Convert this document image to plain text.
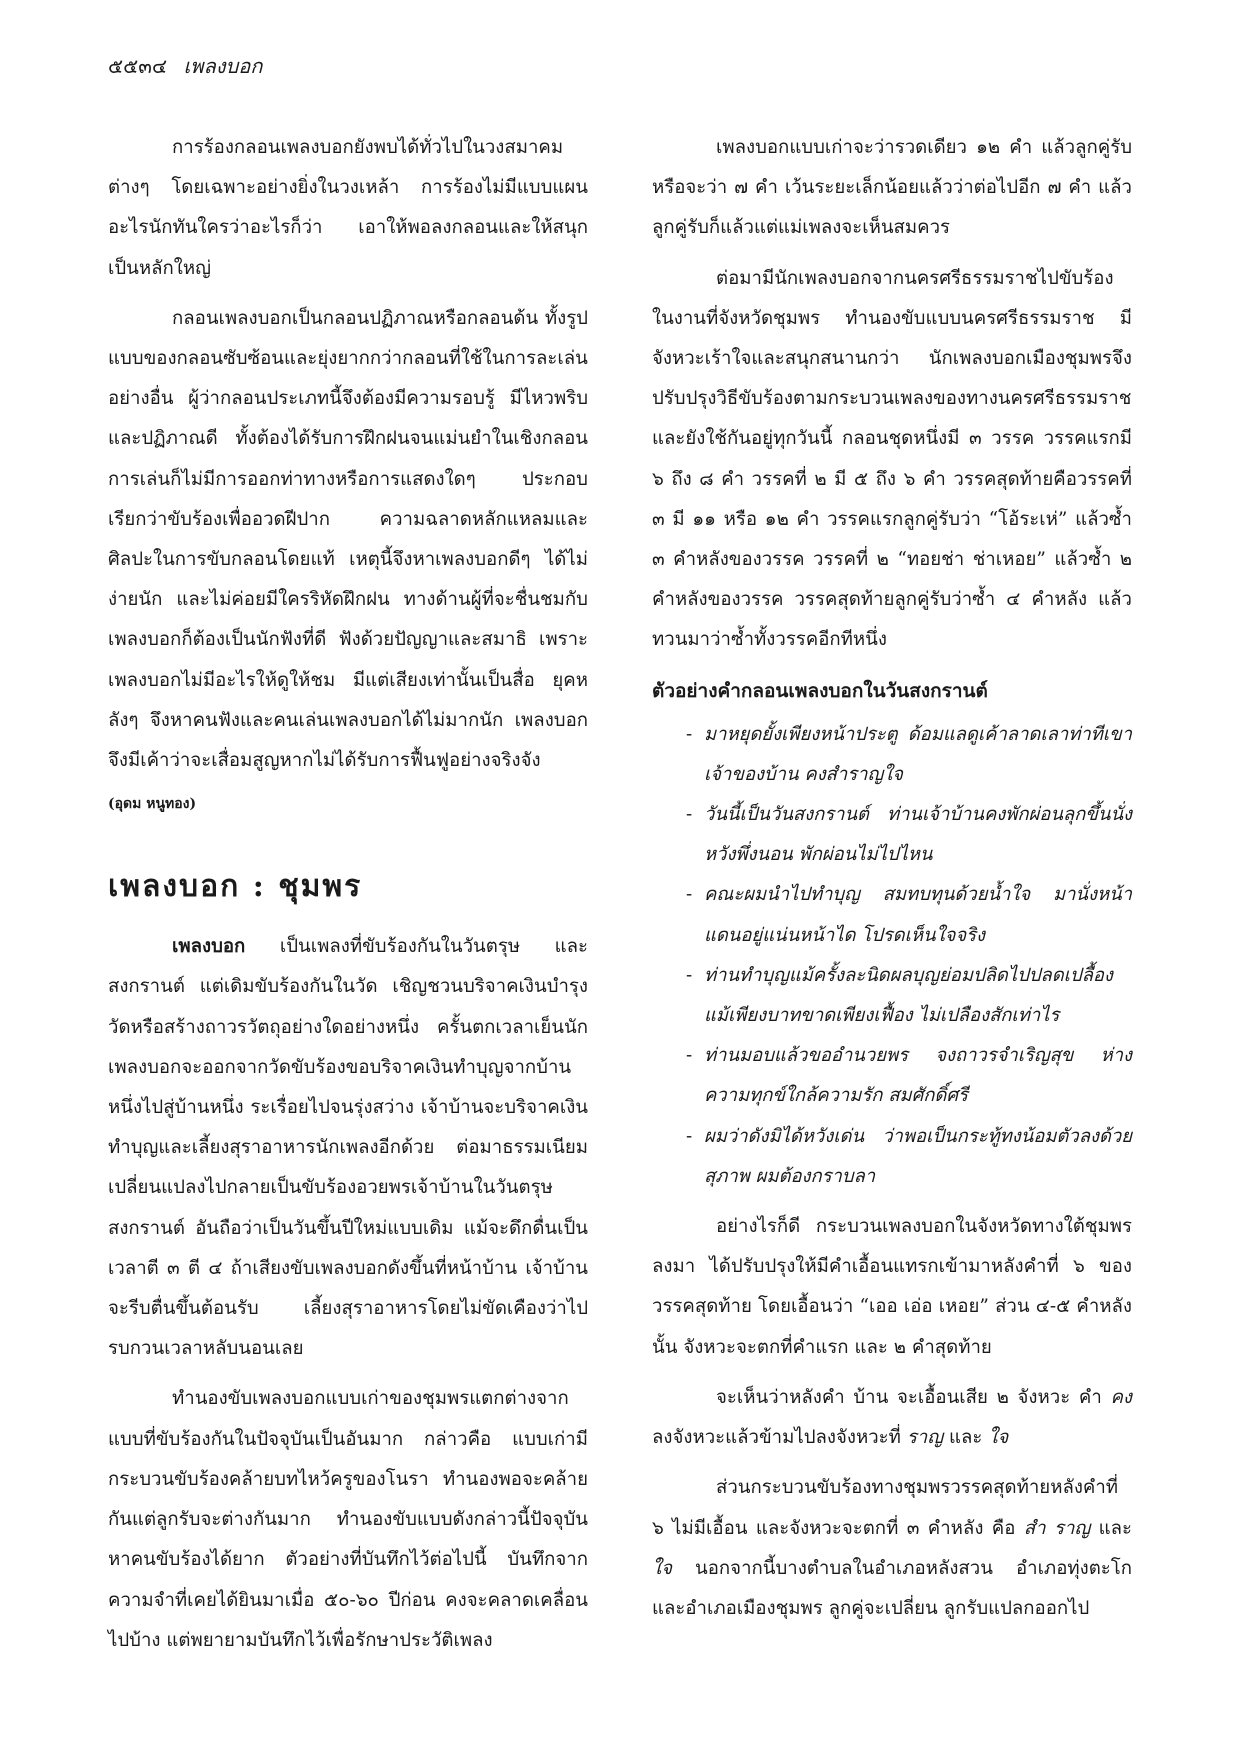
๕๕๓๔ เพลงบอก

การร้องกลอนเพลงบอกยังพบได้ทั่วไปในวงสมาคมต่างๆ โดยเฉพาะอย่างยิ่งในวงเหล้า การร้องไม่มีแบบแผน อะไรนักทันใครว่าอะไรก็ว่า เอาให้พอลงกลอนและให้สนุกเป็นหลักใหญ่

กลอนเพลงบอกเป็นกลอนปฏิภาณหรือกลอนด้น ทั้งรูปแบบของกลอนซับซ้อนและยุ่งยากกว่ากลอนที่ใช้ในการละเล่นอย่างอื่น ผู้ว่ากลอนประเภทนี้จึงต้องมีความรอบรู้ มีไหวพริบและปฏิภาณดี ทั้งต้องได้รับการฝึกฝนจนแม่นยำในเชิงกลอน การเล่นก็ไม่มีการออกท่าทางหรือการแสดงใดๆ ประกอบ เรียกว่าขับร้องเพื่ออวดฝีปาก ความฉลาดหลักแหลมและศิลปะในการขับกลอนโดยแท้ เหตุนี้จึงหาเพลงบอกดีๆ ได้ไม่ง่ายนัก และไม่ค่อยมีใครริหัดฝึกฝน ทางด้านผู้ที่จะชื่นชมกับเพลงบอกก็ต้องเป็นนักฟังที่ดี ฟังด้วยปัญญาและสมาธิ เพราะเพลงบอกไม่มีอะไรให้ดูให้ชม มีแต่เสียงเท่านั้นเป็นสื่อ ยุคหลังๆ จึงหาคนฟังและคนเล่นเพลงบอกได้ไม่มากนัก เพลงบอกจึงมีเค้าว่าจะเสื่อมสูญหากไม่ได้รับการฟื้นฟูอย่างจริงจัง

(อุดม หนูทอง)
เพลงบอก : ชุมพร

เพลงบอก เป็นเพลงที่ขับร้องกันในวันตรุษ และสงกรานต์ แต่เดิมขับร้องกันในวัด เชิญชวนบริจาคเงินบำรุงวัดหรือสร้างถาวรวัตถุอย่างใดอย่างหนึ่ง ครั้นตกเวลาเย็นนักเพลงบอกจะออกจากวัดขับร้องขอบริจาคเงินทำบุญจากบ้านหนึ่งไปสู่บ้านหนึ่ง ระเรื่อยไปจนรุ่งสว่าง เจ้าบ้านจะบริจาคเงินทำบุญและเลี้ยงสุราอาหารนักเพลงอีกด้วย ต่อมาธรรมเนียมเปลี่ยนแปลงไปกลายเป็นขับร้องอวยพรเจ้าบ้านในวันตรุษสงกรานต์ อันถือว่าเป็นวันขึ้นปีใหม่แบบเดิม แม้จะดึกดื่นเป็นเวลาตี ๓ ตี ๔ ถ้าเสียงขับเพลงบอกดังขึ้นที่หน้าบ้าน เจ้าบ้านจะรีบตื่นขึ้นต้อนรับ เลี้ยงสุราอาหารโดยไม่ขัดเคืองว่าไปรบกวนเวลาหลับนอนเลย

ทำนองขับเพลงบอกแบบเก่าของชุมพรแตกต่างจากแบบที่ขับร้องกันในปัจจุบันเป็นอันมาก กล่าวคือ แบบเก่ามีกระบวนขับร้องคล้ายบทไหว้ครูของโนรา ทำนองพอจะคล้ายกันแต่ลูกรับจะต่างกันมาก ทำนองขับแบบดังกล่าวนี้ปัจจุบันหาคนขับร้องได้ยาก ตัวอย่างที่บันทึกไว้ต่อไปนี้ บันทึกจากความจำที่เคยได้ยินมาเมื่อ ๕๐-๖๐ ปีก่อน คงจะคลาดเคลื่อนไปบ้าง แต่พยายามบันทึกไว้เพื่อรักษาประวัติเพลง

เพลงบอกแบบเก่าจะว่ารวดเดียว ๑๒ คำ แล้วลูกคู่รับ หรือจะว่า ๗ คำ เว้นระยะเล็กน้อยแล้วว่าต่อไปอีก ๗ คำ แล้วลูกคู่รับก็แล้วแต่แม่เพลงจะเห็นสมควร

ต่อมามีนักเพลงบอกจากนครศรีธรรมราชไปขับร้องในงานที่จังหวัดชุมพร ทำนองขับแบบนครศรีธรรมราช มีจังหวะเร้าใจและสนุกสนานกว่า นักเพลงบอกเมืองชุมพรจึงปรับปรุงวิธีขับร้องตามกระบวนเพลงของทางนครศรีธรรมราช และยังใช้กันอยู่ทุกวันนี้ กลอนชุดหนึ่งมี ๓ วรรค วรรคแรกมี ๖ ถึง ๘ คำ วรรคที่ ๒ มี ๕ ถึง ๖ คำ วรรคสุดท้ายคือวรรคที่ ๓ มี ๑๑ หรือ ๑๒ คำ วรรคแรกลูกคู่รับว่า “โอ้ระเห่” แล้วซ้ำ ๓ คำหลังของวรรค วรรคที่ ๒ “ทอยช่า ช่าเหอย” แล้วซ้ำ ๒ คำหลังของวรรค วรรคสุดท้ายลูกคู่รับว่าซ้ำ ๔ คำหลัง แล้วทวนมาว่าซ้ำทั้งวรรคอีกทีหนึ่ง

ตัวอย่างคำกลอนเพลงบอกในวันสงกรานต์
- มาหยุดยั้งเพียงหน้าประตู ด้อมแลดูเค้าลาดเลาท่าทีเขาเจ้าของบ้าน คงสำราญใจ
- วันนี้เป็นวันสงกรานต์ ท่านเจ้าบ้านคงพักผ่อนลุกขึ้นนั่งหวังพึ่งนอน พักผ่อนไม่ไปไหน
- คณะผมนำไปทำบุญ สมทบทุนด้วยน้ำใจ มานั่งหน้าแดนอยู่แน่นหน้าได โปรดเห็นใจจริง
- ท่านทำบุญแม้ครั้งละนิดผลบุญย่อมปลิดไปปลดเปลื้อง แม้เพียงบาทขาดเพียงเฟื้อง ไม่เปลืองสักเท่าไร
- ท่านมอบแล้วขออำนวยพร จงถาวรจำเริญสุข ห่างความทุกข์ใกล้ความรัก สมศักดิ์ศรี
- ผมว่าดังมิได้หวังเด่น ว่าพอเป็นกระทู้ทงน้อมตัวลงด้วยสุภาพ ผมต้องกราบลา

อย่างไรก็ดี กระบวนเพลงบอกในจังหวัดทางใต้ชุมพรลงมา ได้ปรับปรุงให้มีคำเอื้อนแทรกเข้ามาหลังคำที่ ๖ ของวรรคสุดท้าย โดยเอื้อนว่า “เออ เอ่อ เหอย” ส่วน ๔-๕ คำหลังนั้น จังหวะจะตกที่คำแรก และ ๒ คำสุดท้าย

จะเห็นว่าหลังคำ บ้าน จะเอื้อนเสีย ๒ จังหวะ คำ คง ลงจังหวะแล้วข้ามไปลงจังหวะที่ ราญ และ ใจ

ส่วนกระบวนขับร้องทางชุมพรวรรคสุดท้ายหลังคำที่ ๖ ไม่มีเอื้อน และจังหวะจะตกที่ ๓ คำหลัง คือ สำ ราญ และ ใจ นอกจากนี้บางตำบลในอำเภอหลังสวน อำเภอทุ่งตะโก และอำเภอเมืองชุมพร ลูกคู่จะเปลี่ยน ลูกรับแปลกออกไป
